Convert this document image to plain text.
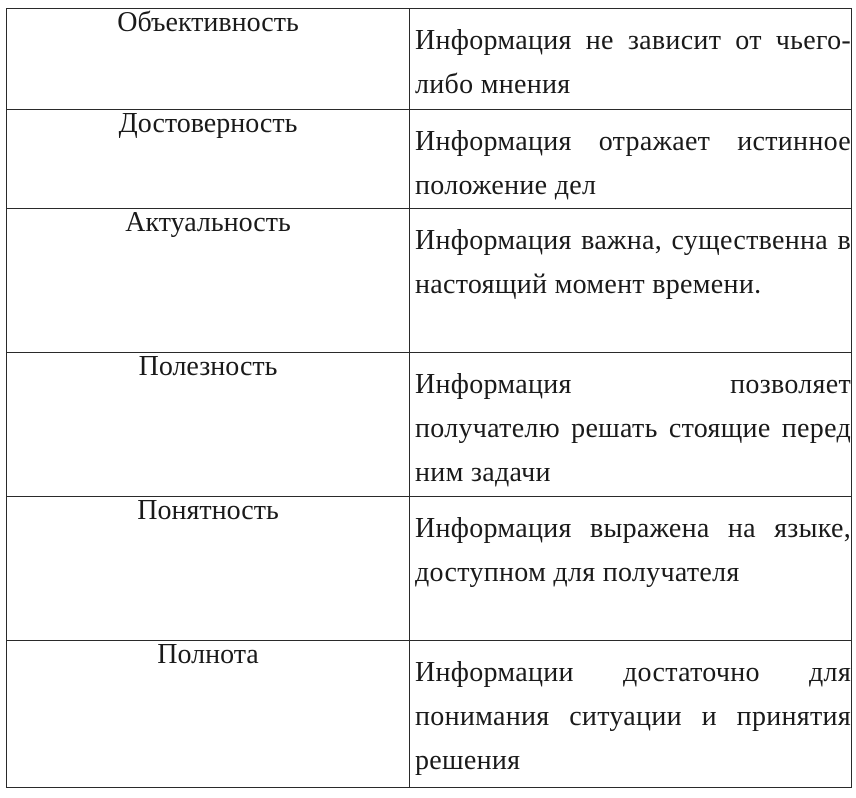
Объективность	Информация не зависит от чьего-либо мнения

Достоверность	Информация отражает истинное положение дел

Актуальность	Информация важна, существенна в настоящий момент времени.

Полезность	Информация позволяет получателю решать стоящие перед ним задачи

Понятность	Информация выражена на языке, доступном для получателя

Полнота	Информации достаточно для понимания ситуации и принятия решения
